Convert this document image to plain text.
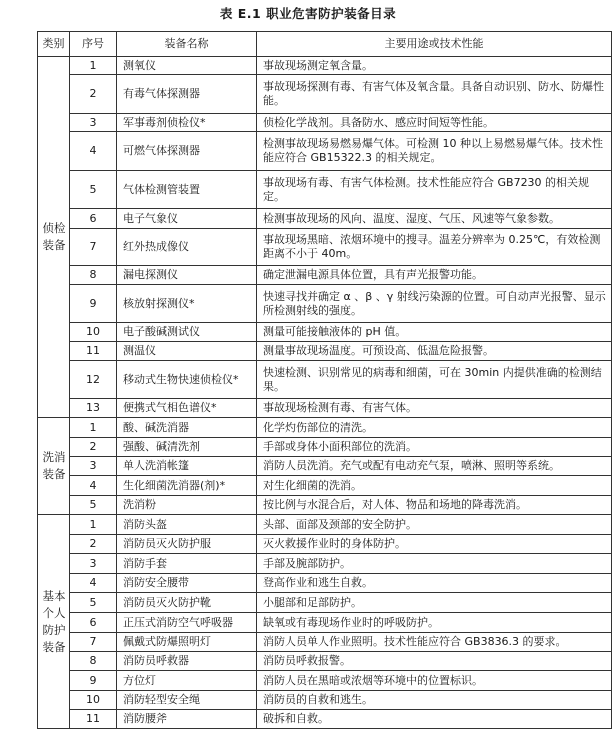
表 E.1 职业危害防护装备目录
类别	序号	装备名称	主要用途或技术性能
侦检装备	1	测氧仪	事故现场测定氧含量。
	2	有毒气体探测器	事故现场探测有毒、有害气体及氧含量。具备自动识别、防水、防爆性能。
	3	军事毒剂侦检仪*	侦检化学战剂。具备防水、感应时间短等性能。
	4	可燃气体探测器	检测事故现场易燃易爆气体。可检测 10 种以上易燃易爆气体。技术性能应符合 GB15322.3 的相关规定。
	5	气体检测管装置	事故现场有毒、有害气体检测。技术性能应符合 GB7230 的相关规定。
	6	电子气象仪	检测事故现场的风向、温度、湿度、气压、风速等气象参数。
	7	红外热成像仪	事故现场黑暗、浓烟环境中的搜寻。温差分辨率为 0.25℃，有效检测距离不小于 40m。
	8	漏电探测仪	确定泄漏电源具体位置，具有声光报警功能。
	9	核放射探测仪*	快速寻找并确定 α 、β 、γ 射线污染源的位置。可自动声光报警、显示所检测射线的强度。
	10	电子酸碱测试仪	测量可能接触液体的 pH 值。
	11	测温仪	测量事故现场温度。可预设高、低温危险报警。
	12	移动式生物快速侦检仪*	快速检测、识别常见的病毒和细菌，可在 30min 内提供准确的检测结果。
	13	便携式气相色谱仪*	事故现场检测有毒、有害气体。
洗消装备	1	酸、碱洗消器	化学灼伤部位的清洗。
	2	强酸、碱清洗剂	手部或身体小面积部位的洗消。
	3	单人洗消帐篷	消防人员洗消。充气或配有电动充气泵，喷淋、照明等系统。
	4	生化细菌洗消器(剂)*	对生化细菌的洗消。
	5	洗消粉	按比例与水混合后，对人体、物品和场地的降毒洗消。
基本个人防护装备	1	消防头盔	头部、面部及颈部的安全防护。
	2	消防员灭火防护服	灭火救援作业时的身体防护。
	3	消防手套	手部及腕部防护。
	4	消防安全腰带	登高作业和逃生自救。
	5	消防员灭火防护靴	小腿部和足部防护。
	6	正压式消防空气呼吸器	缺氧或有毒现场作业时的呼吸防护。
	7	佩戴式防爆照明灯	消防人员单人作业照明。技术性能应符合 GB3836.3 的要求。
	8	消防员呼救器	消防员呼救报警。
	9	方位灯	消防人员在黑暗或浓烟等环境中的位置标识。
	10	消防轻型安全绳	消防员的自救和逃生。
	11	消防腰斧	破拆和自救。
